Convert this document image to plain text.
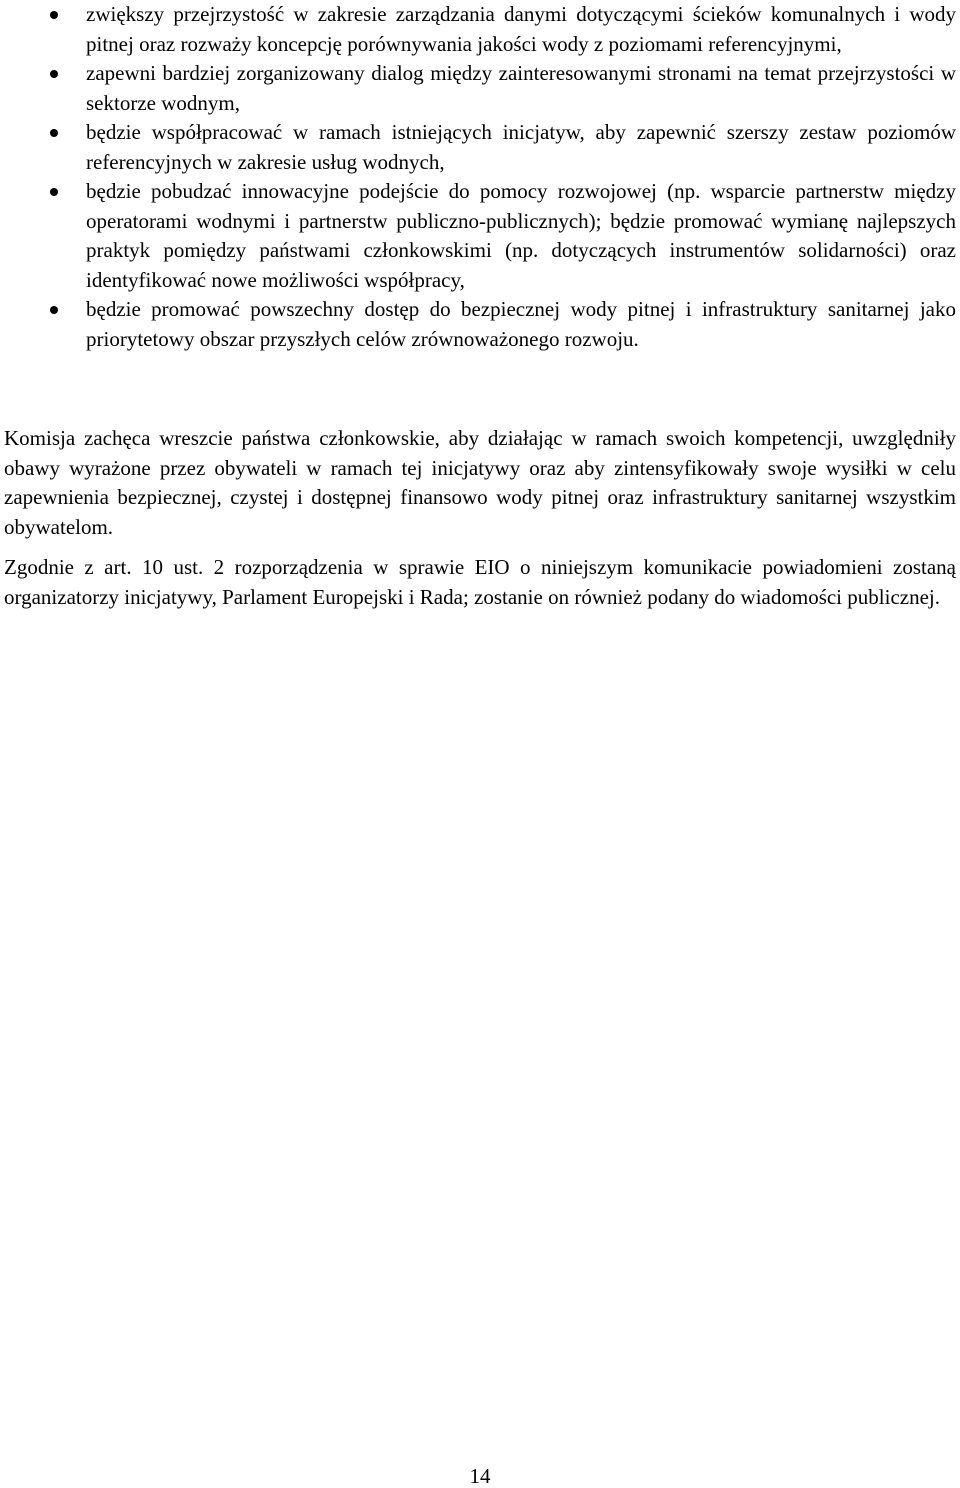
zwiększy przejrzystość w zakresie zarządzania danymi dotyczącymi ścieków komunalnych i wody pitnej oraz rozważy koncepcję porównywania jakości wody z poziomami referencyjnymi,
zapewni bardziej zorganizowany dialog między zainteresowanymi stronami na temat przejrzystości w sektorze wodnym,
będzie współpracować w ramach istniejących inicjatyw, aby zapewnić szerszy zestaw poziomów referencyjnych w zakresie usług wodnych,
będzie pobudzać innowacyjne podejście do pomocy rozwojowej (np. wsparcie partnerstw między operatorami wodnymi i partnerstw publiczno-publicznych); będzie promować wymianę najlepszych praktyk pomiędzy państwami członkowskimi (np. dotyczących instrumentów solidarności) oraz identyfikować nowe możliwości współpracy,
będzie promować powszechny dostęp do bezpiecznej wody pitnej i infrastruktury sanitarnej jako priorytetowy obszar przyszłych celów zrównoważonego rozwoju.

Komisja zachęca wreszcie państwa członkowskie, aby działając w ramach swoich kompetencji, uwzględniły obawy wyrażone przez obywateli w ramach tej inicjatywy oraz aby zintensyfikowały swoje wysiłki w celu zapewnienia bezpiecznej, czystej i dostępnej finansowo wody pitnej oraz infrastruktury sanitarnej wszystkim obywatelom.

Zgodnie z art. 10 ust. 2 rozporządzenia w sprawie EIO o niniejszym komunikacie powiadomieni zostaną organizatorzy inicjatywy, Parlament Europejski i Rada; zostanie on również podany do wiadomości publicznej.

14
